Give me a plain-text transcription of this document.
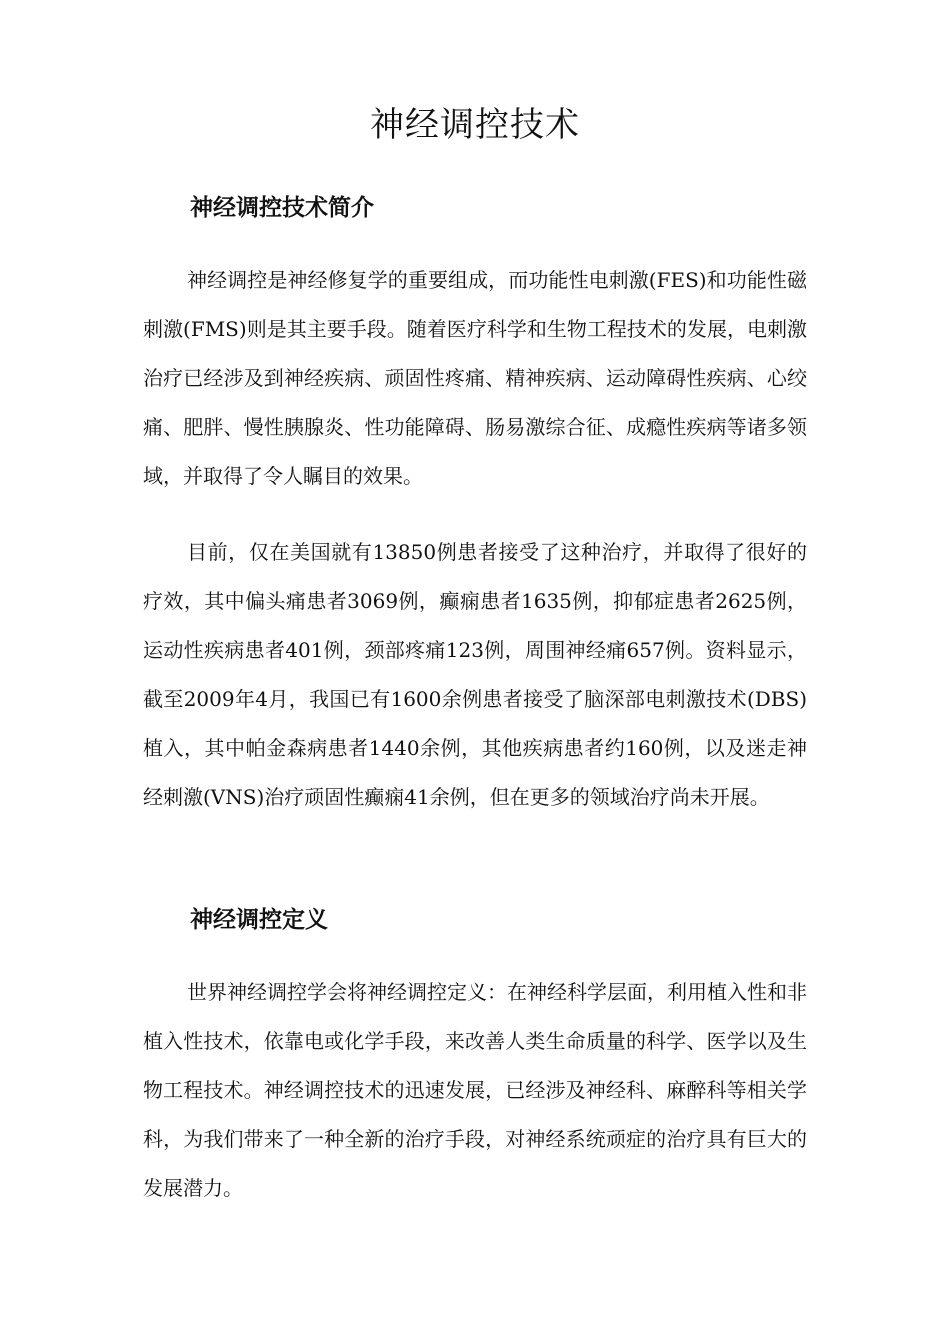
神经调控技术
神经调控技术简介

神经调控是神经修复学的重要组成，而功能性电刺激(FES)和功能性磁刺激(FMS)则是其主要手段。随着医疗科学和生物工程技术的发展，电刺激治疗已经涉及到神经疾病、顽固性疼痛、精神疾病、运动障碍性疾病、心绞痛、肥胖、慢性胰腺炎、性功能障碍、肠易激综合征、成瘾性疾病等诸多领域，并取得了令人瞩目的效果。

目前，仅在美国就有13850例患者接受了这种治疗，并取得了很好的疗效，其中偏头痛患者3069例，癫痫患者1635例，抑郁症患者2625例，运动性疾病患者401例，颈部疼痛123例，周围神经痛657例。资料显示，截至2009年4月，我国已有1600余例患者接受了脑深部电刺激技术(DBS)植入，其中帕金森病患者1440余例，其他疾病患者约160例，以及迷走神经刺激(VNS)治疗顽固性癫痫41余例，但在更多的领域治疗尚未开展。

神经调控定义

世界神经调控学会将神经调控定义：在神经科学层面，利用植入性和非植入性技术，依靠电或化学手段，来改善人类生命质量的科学、医学以及生物工程技术。神经调控技术的迅速发展，已经涉及神经科、麻醉科等相关学科，为我们带来了一种全新的治疗手段，对神经系统顽症的治疗具有巨大的发展潜力。
